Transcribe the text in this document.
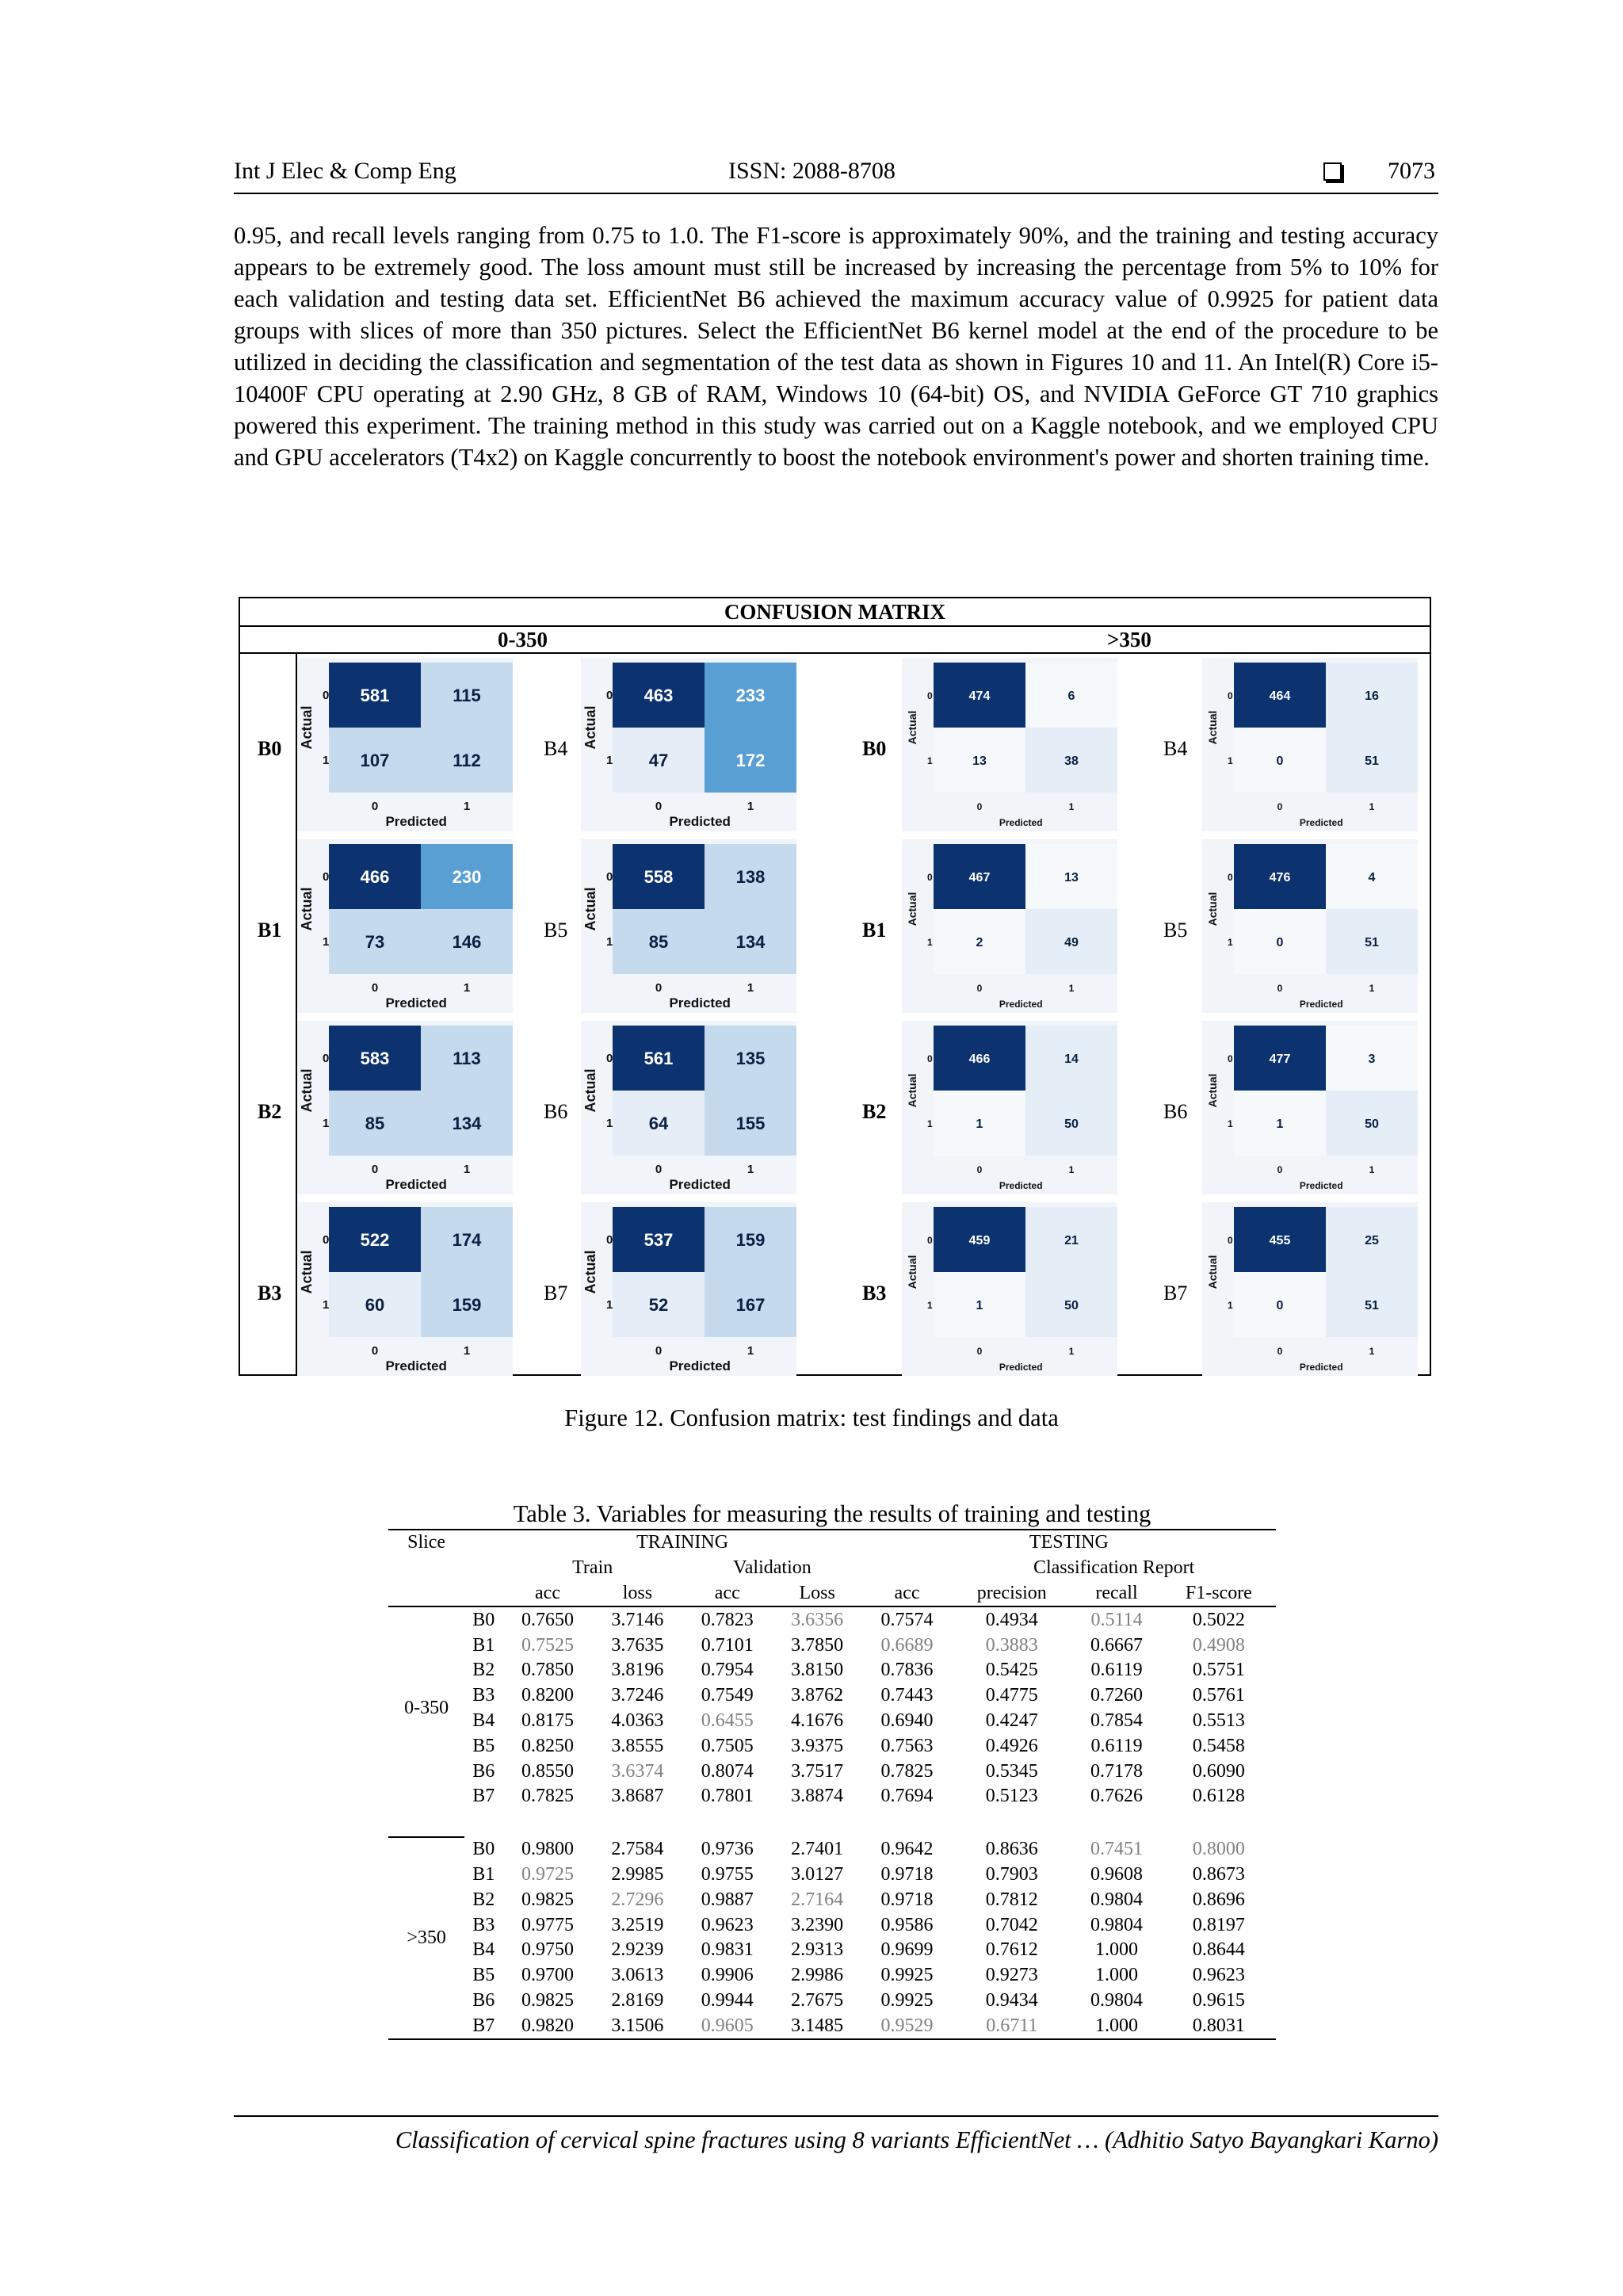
Int J Elec & Comp Eng	ISSN: 2088-8708	7073

0.95, and recall levels ranging from 0.75 to 1.0. The F1-score is approximately 90%, and the training and testing accuracy appears to be extremely good. The loss amount must still be increased by increasing the percentage from 5% to 10% for each validation and testing data set. EfficientNet B6 achieved the maximum accuracy value of 0.9925 for patient data groups with slices of more than 350 pictures. Select the EfficientNet B6 kernel model at the end of the procedure to be utilized in deciding the classification and segmentation of the test data as shown in Figures 10 and 11. An Intel(R) Core i5-10400F CPU operating at 2.90 GHz, 8 GB of RAM, Windows 10 (64-bit) OS, and NVIDIA GeForce GT 710 graphics powered this experiment. The training method in this study was carried out on a Kaggle notebook, and we employed CPU and GPU accelerators (T4x2) on Kaggle concurrently to boost the notebook environment's power and shorten training time.

CONFUSION MATRIX
0-350	>350
B0
581	115
107	112
Actual
0
1
0	1
Predicted
B4
463	233
47	172
Actual
0
1
0	1
Predicted
B0
474	6
13	38
Actual
0
1
0	1
Predicted
B4
464	16
0	51
Actual
0
1
0	1
Predicted
B1
466	230
73	146
Actual
0
1
0	1
Predicted
B5
558	138
85	134
Actual
0
1
0	1
Predicted
B1
467	13
2	49
Actual
0
1
0	1
Predicted
B5
476	4
0	51
Actual
0
1
0	1
Predicted
B2
583	113
85	134
Actual
0
1
0	1
Predicted
B6
561	135
64	155
Actual
0
1
0	1
Predicted
B2
466	14
1	50
Actual
0
1
0	1
Predicted
B6
477	3
1	50
Actual
0
1
0	1
Predicted
B3
522	174
60	159
Actual
0
1
0	1
Predicted
B7
537	159
52	167
Actual
0
1
0	1
Predicted
B3
459	21
1	50
Actual
0
1
0	1
Predicted
B7
455	25
0	51
Actual
0
1
0	1
Predicted
Figure 12. Confusion matrix: test findings and data
Table 3. Variables for measuring the results of training and testing
Slice		TRAINING				TESTING			
		Train		Validation			Classification Report		
		acc	loss	acc	Loss	acc	precision	recall	F1-score
0-350	B0	0.7650	3.7146	0.7823	3.6356	0.7574	0.4934	0.5114	0.5022
	B1	0.7525	3.7635	0.7101	3.7850	0.6689	0.3883	0.6667	0.4908
	B2	0.7850	3.8196	0.7954	3.8150	0.7836	0.5425	0.6119	0.5751
	B3	0.8200	3.7246	0.7549	3.8762	0.7443	0.4775	0.7260	0.5761
	B4	0.8175	4.0363	0.6455	4.1676	0.6940	0.4247	0.7854	0.5513
	B5	0.8250	3.8555	0.7505	3.9375	0.7563	0.4926	0.6119	0.5458
	B6	0.8550	3.6374	0.8074	3.7517	0.7825	0.5345	0.7178	0.6090
	B7	0.7825	3.8687	0.7801	3.8874	0.7694	0.5123	0.7626	0.6128

>350	B0	0.9800	2.7584	0.9736	2.7401	0.9642	0.8636	0.7451	0.8000
	B1	0.9725	2.9985	0.9755	3.0127	0.9718	0.7903	0.9608	0.8673
	B2	0.9825	2.7296	0.9887	2.7164	0.9718	0.7812	0.9804	0.8696
	B3	0.9775	3.2519	0.9623	3.2390	0.9586	0.7042	0.9804	0.8197
	B4	0.9750	2.9239	0.9831	2.9313	0.9699	0.7612	1.000	0.8644
	B5	0.9700	3.0613	0.9906	2.9986	0.9925	0.9273	1.000	0.9623
	B6	0.9825	2.8169	0.9944	2.7675	0.9925	0.9434	0.9804	0.9615
	B7	0.9820	3.1506	0.9605	3.1485	0.9529	0.6711	1.000	0.8031
Classification of cervical spine fractures using 8 variants EfficientNet … (Adhitio Satyo Bayangkari Karno)
